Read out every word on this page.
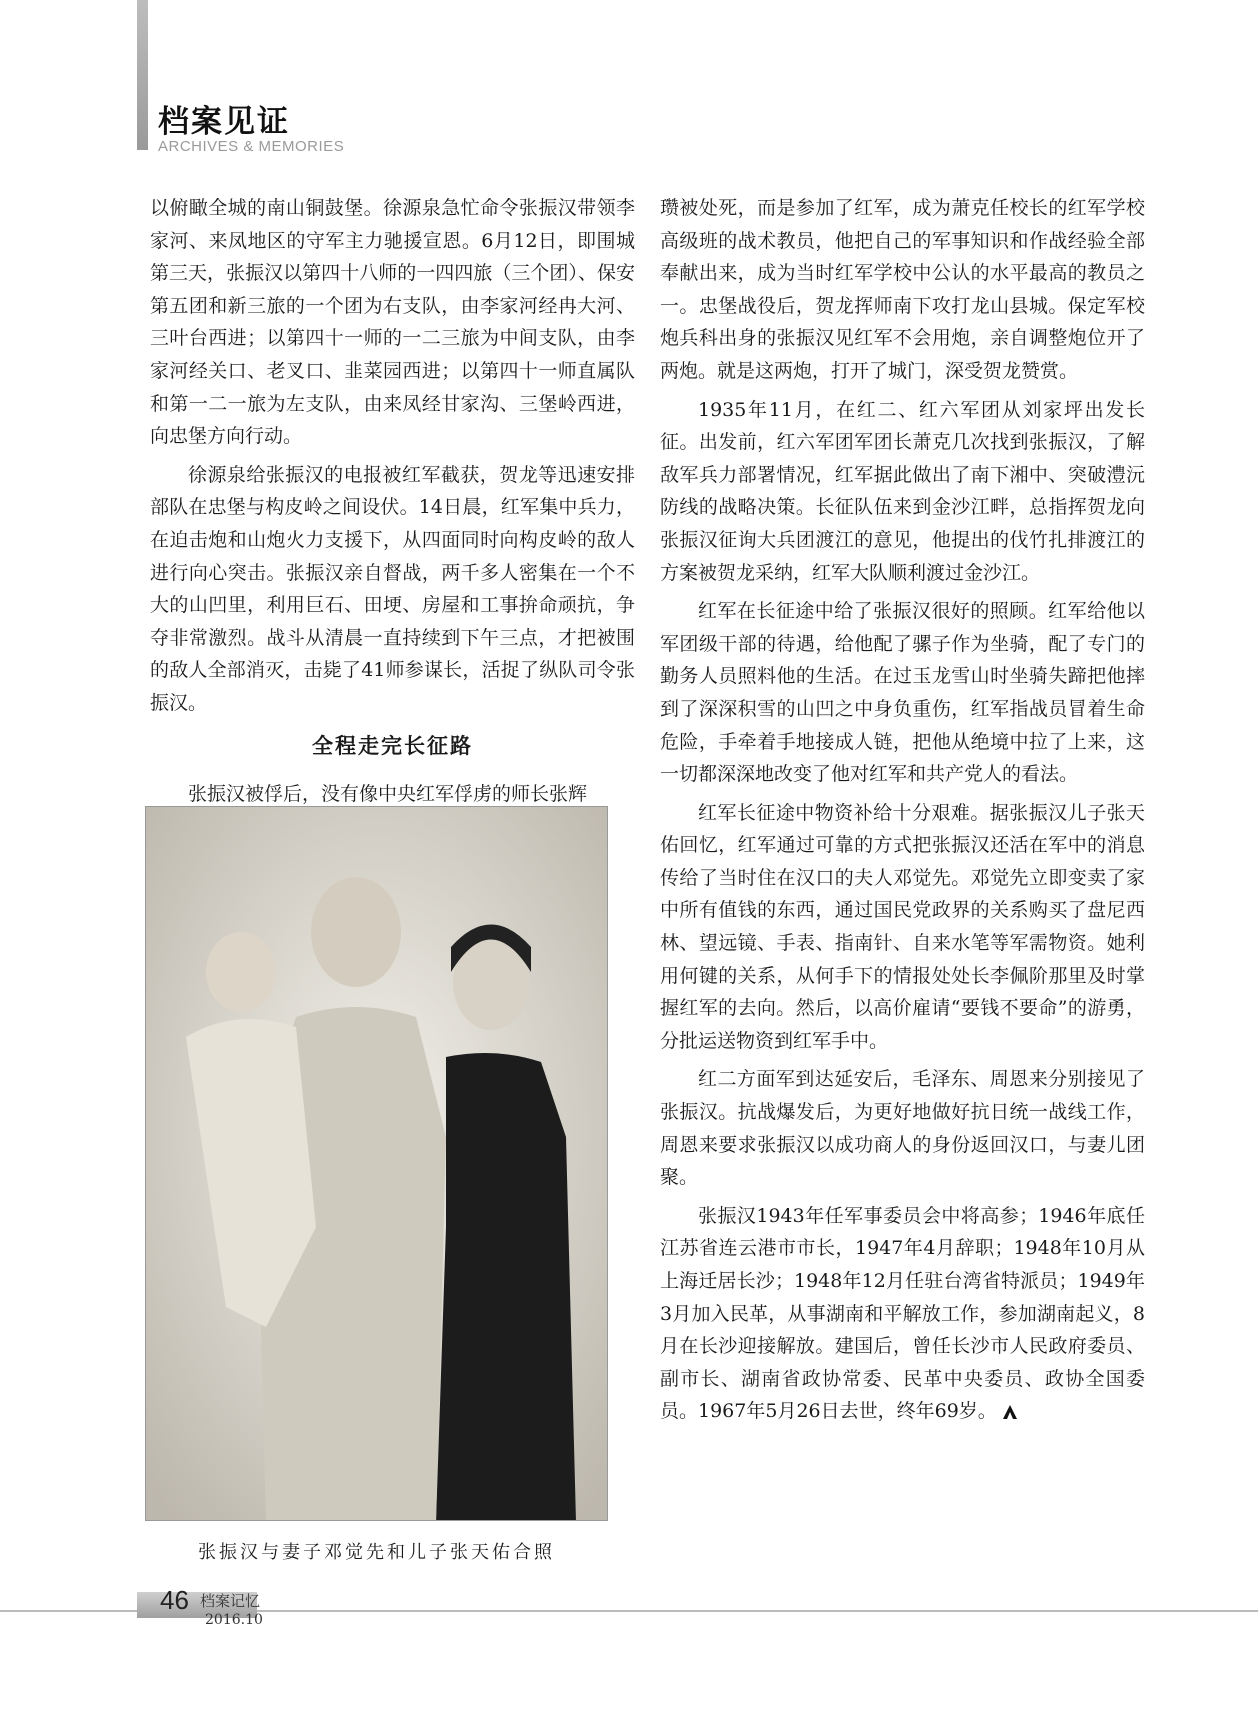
档案见证
ARCHIVES & MEMORIES

以俯瞰全城的南山铜鼓堡。徐源泉急忙命令张振汉带领李家河、来凤地区的守军主力驰援宣恩。6月12日，即围城第三天，张振汉以第四十八师的一四四旅（三个团）、保安第五团和新三旅的一个团为右支队，由李家河经冉大河、三叶台西进；以第四十一师的一二三旅为中间支队，由李家河经关口、老叉口、韭菜园西进；以第四十一师直属队和第一二一旅为左支队，由来凤经甘家沟、三堡岭西进，向忠堡方向行动。

徐源泉给张振汉的电报被红军截获，贺龙等迅速安排部队在忠堡与构皮岭之间设伏。14日晨，红军集中兵力，在迫击炮和山炮火力支援下，从四面同时向构皮岭的敌人进行向心突击。张振汉亲自督战，两千多人密集在一个不大的山凹里，利用巨石、田埂、房屋和工事拚命顽抗，争夺非常激烈。战斗从清晨一直持续到下午三点，才把被围的敌人全部消灭，击毙了41师参谋长，活捉了纵队司令张振汉。

全程走完长征路

张振汉被俘后，没有像中央红军俘虏的师长张辉

张振汉与妻子邓觉先和儿子张天佑合照

瓒被处死，而是参加了红军，成为萧克任校长的红军学校高级班的战术教员，他把自己的军事知识和作战经验全部奉献出来，成为当时红军学校中公认的水平最高的教员之一。忠堡战役后，贺龙挥师南下攻打龙山县城。保定军校炮兵科出身的张振汉见红军不会用炮，亲自调整炮位开了两炮。就是这两炮，打开了城门，深受贺龙赞赏。

1935年11月，在红二、红六军团从刘家坪出发长征。出发前，红六军团军团长萧克几次找到张振汉，了解敌军兵力部署情况，红军据此做出了南下湘中、突破澧沅防线的战略决策。长征队伍来到金沙江畔，总指挥贺龙向张振汉征询大兵团渡江的意见，他提出的伐竹扎排渡江的方案被贺龙采纳，红军大队顺利渡过金沙江。

红军在长征途中给了张振汉很好的照顾。红军给他以军团级干部的待遇，给他配了骡子作为坐骑，配了专门的勤务人员照料他的生活。在过玉龙雪山时坐骑失蹄把他摔到了深深积雪的山凹之中身负重伤，红军指战员冒着生命危险，手牵着手地接成人链，把他从绝境中拉了上来，这一切都深深地改变了他对红军和共产党人的看法。

红军长征途中物资补给十分艰难。据张振汉儿子张天佑回忆，红军通过可靠的方式把张振汉还活在军中的消息传给了当时住在汉口的夫人邓觉先。邓觉先立即变卖了家中所有值钱的东西，通过国民党政界的关系购买了盘尼西林、望远镜、手表、指南针、自来水笔等军需物资。她利用何键的关系，从何手下的情报处处长李佩阶那里及时掌握红军的去向。然后，以高价雇请“要钱不要命”的游勇，分批运送物资到红军手中。

红二方面军到达延安后，毛泽东、周恩来分别接见了张振汉。抗战爆发后，为更好地做好抗日统一战线工作，周恩来要求张振汉以成功商人的身份返回汉口，与妻儿团聚。

张振汉1943年任军事委员会中将高参；1946年底任江苏省连云港市市长，1947年4月辞职；1948年10月从上海迁居长沙；1948年12月任驻台湾省特派员；1949年3月加入民革，从事湖南和平解放工作，参加湖南起义，8月在长沙迎接解放。建国后，曾任长沙市人民政府委员、副市长、湖南省政协常委、民革中央委员、政协全国委员。1967年5月26日去世，终年69岁。

46 档案记忆
2016.10
